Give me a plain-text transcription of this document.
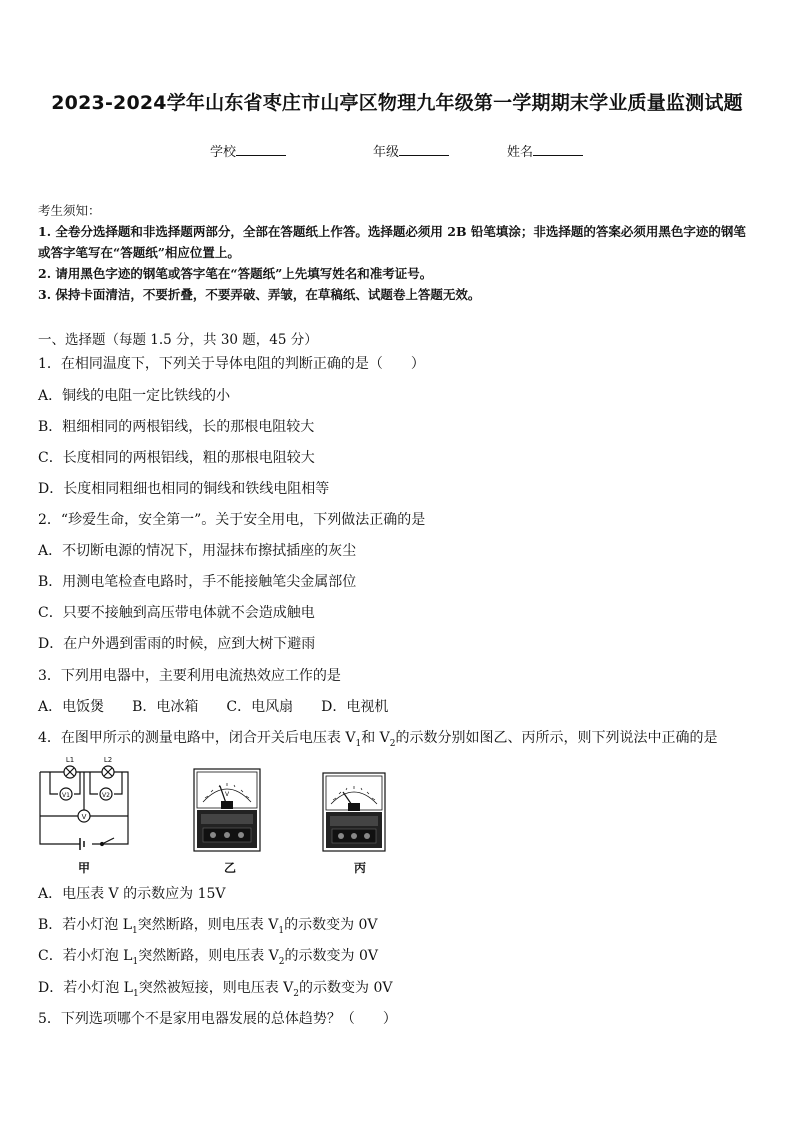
2023-2024学年山东省枣庄市山亭区物理九年级第一学期期末学业质量监测试题
学校	年级	姓名
考生须知：
1. 全卷分选择题和非选择题两部分，全部在答题纸上作答。选择题必须用 2B 铅笔填涂；非选择题的答案必须用黑色字迹的钢笔或答字笔写在“答题纸”相应位置上。
2. 请用黑色字迹的钢笔或答字笔在“答题纸”上先填写姓名和准考证号。
3. 保持卡面清洁，不要折叠，不要弄破、弄皱，在草稿纸、试题卷上答题无效。
一、选择题（每题 1.5 分，共 30 题，45 分）
1．在相同温度下，下列关于导体电阻的判断正确的是（　　）
A．铜线的电阻一定比铁线的小
B．粗细相同的两根铝线，长的那根电阻较大
C．长度相同的两根铝线，粗的那根电阻较大
D．长度相同粗细也相同的铜线和铁线电阻相等
2．“珍爱生命，安全第一”。关于安全用电，下列做法正确的是
A．不切断电源的情况下，用湿抹布擦拭插座的灰尘
B．用测电笔检查电路时，手不能接触笔尖金属部位
C．只要不接触到高压带电体就不会造成触电
D．在户外遇到雷雨的时候，应到大树下避雨
3．下列用电器中，主要利用电流热效应工作的是
A．电饭煲 B．电冰箱 C．电风扇 D．电视机
4．在图甲所示的测量电路中，闭合开关后电压表 $V_1$和 $V_2$的示数分别如图乙、丙所示，则下列说法中正确的是
L1	L2
V1	V2
V
甲
V
乙	丙
A．电压表 V 的示数应为 15V
B．若小灯泡 $L_1$突然断路，则电压表 $V_1$的示数变为 0V
C．若小灯泡 $L_1$突然断路，则电压表 $V_2$的示数变为 0V
D．若小灯泡 $L_1$突然被短接，则电压表 $V_2$的示数变为 0V
5．下列选项哪个不是家用电器发展的总体趋势？（　　）
